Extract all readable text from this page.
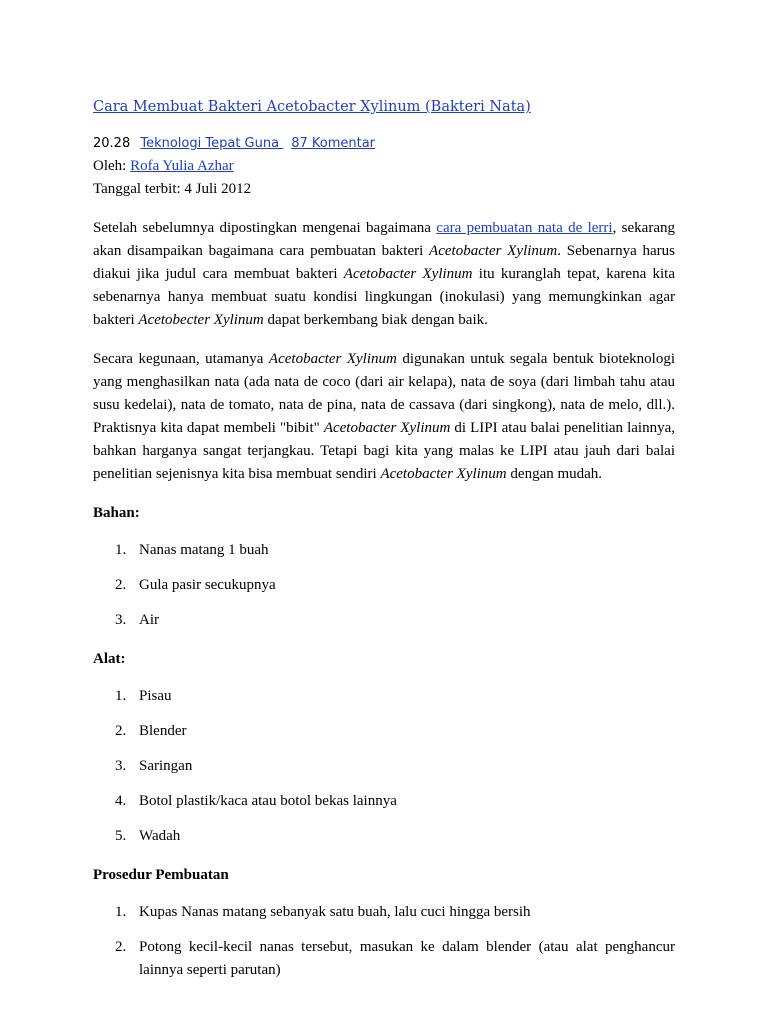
Cara Membuat Bakteri Acetobacter Xylinum (Bakteri Nata)
20.28 Teknologi Tepat Guna 87 Komentar
Oleh: Rofa Yulia Azhar
Tanggal terbit: 4 Juli 2012

Setelah sebelumnya dipostingkan mengenai bagaimana cara pembuatan nata de lerri, sekarang akan disampaikan bagaimana cara pembuatan bakteri Acetobacter Xylinum. Sebenarnya harus diakui jika judul cara membuat bakteri Acetobacter Xylinum itu kuranglah tepat, karena kita sebenarnya hanya membuat suatu kondisi lingkungan (inokulasi) yang memungkinkan agar bakteri Acetobecter Xylinum dapat berkembang biak dengan baik.

Secara kegunaan, utamanya Acetobacter Xylinum digunakan untuk segala bentuk bioteknologi yang menghasilkan nata (ada nata de coco (dari air kelapa), nata de soya (dari limbah tahu atau susu kedelai), nata de tomato, nata de pina, nata de cassava (dari singkong), nata de melo, dll.). Praktisnya kita dapat membeli "bibit" Acetobacter Xylinum di LIPI atau balai penelitian lainnya, bahkan harganya sangat terjangkau. Tetapi bagi kita yang malas ke LIPI atau jauh dari balai penelitian sejenisnya kita bisa membuat sendiri Acetobacter Xylinum dengan mudah.

Bahan:
1. Nanas matang 1 buah
2. Gula pasir secukupnya
3. Air
Alat:
1. Pisau
2. Blender
3. Saringan
4. Botol plastik/kaca atau botol bekas lainnya
5. Wadah
Prosedur Pembuatan
1. Kupas Nanas matang sebanyak satu buah, lalu cuci hingga bersih
2. Potong kecil-kecil nanas tersebut, masukan ke dalam blender (atau alat penghancur lainnya seperti parutan)
